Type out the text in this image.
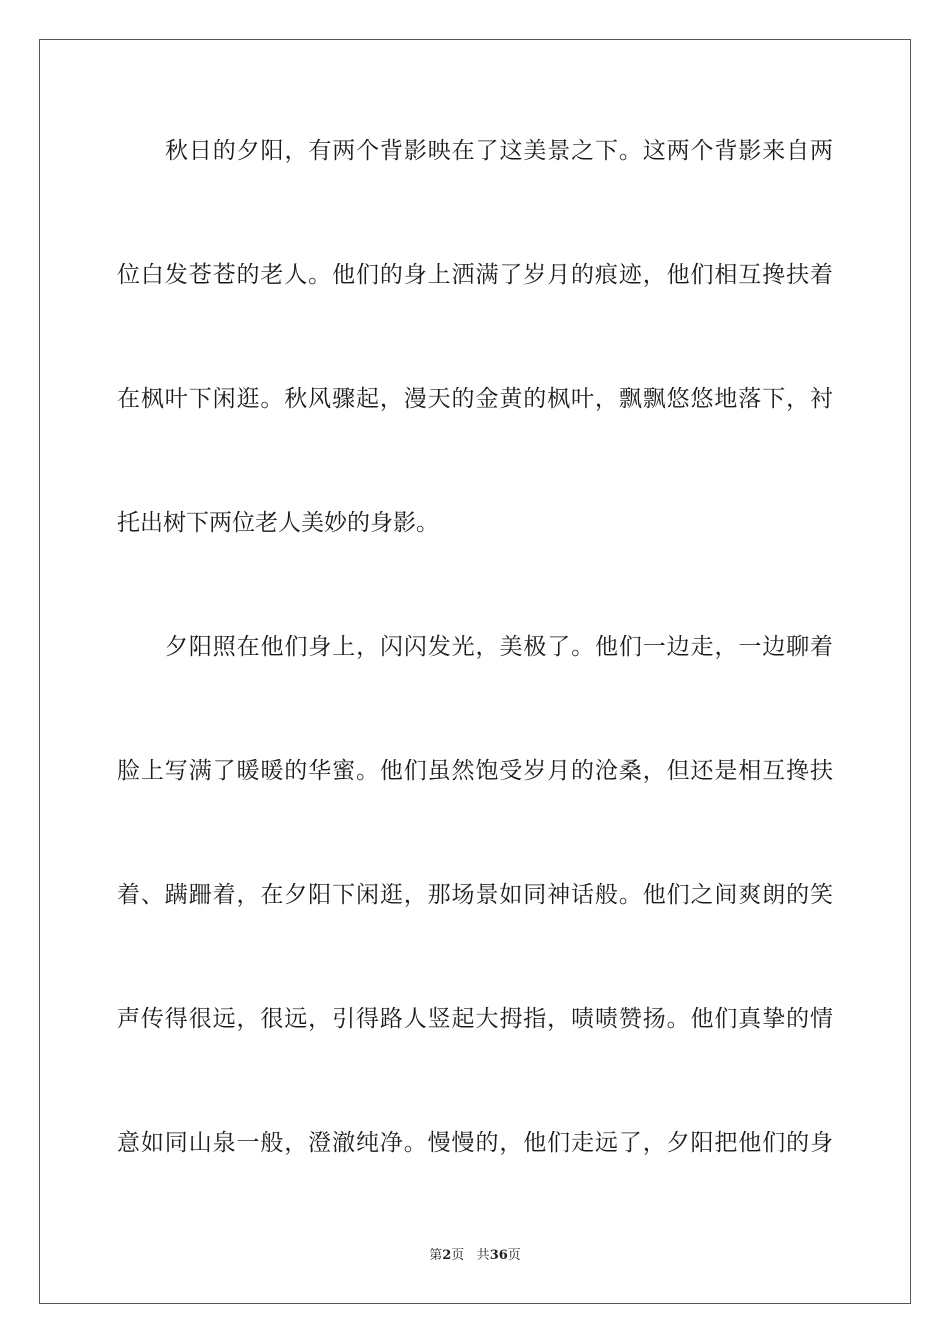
秋日的夕阳，有两个背影映在了这美景之下。这两个背影来自两

位白发苍苍的老人。他们的身上洒满了岁月的痕迹，他们相互搀扶着

在枫叶下闲逛。秋风骤起，漫天的金黄的枫叶，飘飘悠悠地落下，衬

托出树下两位老人美妙的身影。

夕阳照在他们身上，闪闪发光，美极了。他们一边走，一边聊着

脸上写满了暖暖的华蜜。他们虽然饱受岁月的沧桑，但还是相互搀扶

着、蹒跚着，在夕阳下闲逛，那场景如同神话般。他们之间爽朗的笑

声传得很远，很远，引得路人竖起大拇指，啧啧赞扬。他们真挚的情

意如同山泉一般，澄澈纯净。慢慢的，他们走远了，夕阳把他们的身

第2页 共36页
